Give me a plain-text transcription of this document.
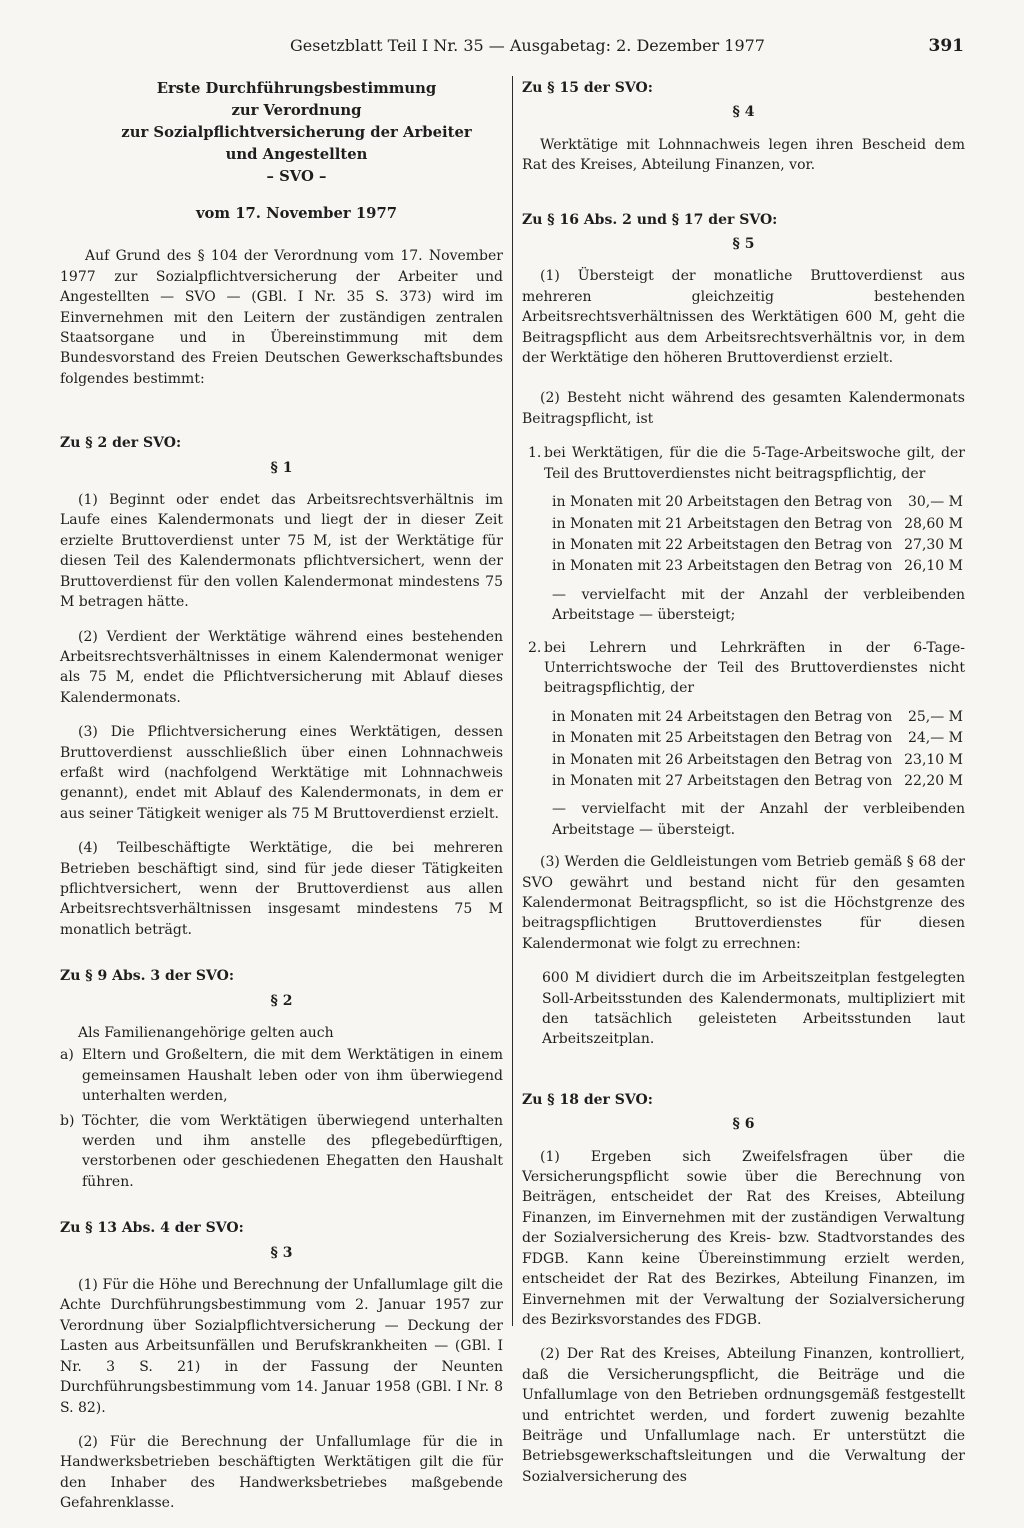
Gesetzblatt Teil I Nr. 35 — Ausgabetag: 2. Dezember 1977	391
Erste Durchführungsbestimmung
zur Verordnung
zur Sozialpflichtversicherung der Arbeiter
und Angestellten
– SVO –

vom 17. November 1977

Auf Grund des § 104 der Verordnung vom 17. November 1977 zur Sozialpflichtversicherung der Arbeiter und Angestellten — SVO — (GBl. I Nr. 35 S. 373) wird im Einvernehmen mit den Leitern der zuständigen zentralen Staatsorgane und in Übereinstimmung mit dem Bundesvorstand des Freien Deutschen Gewerkschaftsbundes folgendes bestimmt:

Zu § 2 der SVO:

§ 1

(1) Beginnt oder endet das Arbeitsrechtsverhältnis im Laufe eines Kalendermonats und liegt der in dieser Zeit erzielte Bruttoverdienst unter 75 M, ist der Werktätige für diesen Teil des Kalendermonats pflichtversichert, wenn der Bruttoverdienst für den vollen Kalendermonat mindestens 75 M betragen hätte.

(2) Verdient der Werktätige während eines bestehenden Arbeitsrechtsverhältnisses in einem Kalendermonat weniger als 75 M, endet die Pflichtversicherung mit Ablauf dieses Kalendermonats.

(3) Die Pflichtversicherung eines Werktätigen, dessen Bruttoverdienst ausschließlich über einen Lohnnachweis erfaßt wird (nachfolgend Werktätige mit Lohnnachweis genannt), endet mit Ablauf des Kalendermonats, in dem er aus seiner Tätigkeit weniger als 75 M Bruttoverdienst erzielt.

(4) Teilbeschäftigte Werktätige, die bei mehreren Betrieben beschäftigt sind, sind für jede dieser Tätigkeiten pflichtversichert, wenn der Bruttoverdienst aus allen Arbeitsrechtsverhältnissen insgesamt mindestens 75 M monatlich beträgt.

Zu § 9 Abs. 3 der SVO:

§ 2

Als Familienangehörige gelten auch

a) Eltern und Großeltern, die mit dem Werktätigen in einem gemeinsamen Haushalt leben oder von ihm überwiegend unterhalten werden,
b) Töchter, die vom Werktätigen überwiegend unterhalten werden und ihm anstelle des pflegebedürftigen, verstorbenen oder geschiedenen Ehegatten den Haushalt führen.

Zu § 13 Abs. 4 der SVO:

§ 3

(1) Für die Höhe und Berechnung der Unfallumlage gilt die Achte Durchführungsbestimmung vom 2. Januar 1957 zur Verordnung über Sozialpflichtversicherung — Deckung der Lasten aus Arbeitsunfällen und Berufskrankheiten — (GBl. I Nr. 3 S. 21) in der Fassung der Neunten Durchführungsbestimmung vom 14. Januar 1958 (GBl. I Nr. 8 S. 82).

(2) Für die Berechnung der Unfallumlage für die in Handwerksbetrieben beschäftigten Werktätigen gilt die für den Inhaber des Handwerksbetriebes maßgebende Gefahrenklasse.

Zu § 15 der SVO:

§ 4

Werktätige mit Lohnnachweis legen ihren Bescheid dem Rat des Kreises, Abteilung Finanzen, vor.

Zu § 16 Abs. 2 und § 17 der SVO:

§ 5

(1) Übersteigt der monatliche Bruttoverdienst aus mehreren gleichzeitig bestehenden Arbeitsrechtsverhältnissen des Werktätigen 600 M, geht die Beitragspflicht aus dem Arbeitsrechtsverhältnis vor, in dem der Werktätige den höheren Bruttoverdienst erzielt.

(2) Besteht nicht während des gesamten Kalendermonats Beitragspflicht, ist

1. bei Werktätigen, für die die 5-Tage-Arbeitswoche gilt, der Teil des Bruttoverdienstes nicht beitragspflichtig, der
in Monaten mit 20 Arbeitstagen den Betrag von 30,— M
in Monaten mit 21 Arbeitstagen den Betrag von 28,60 M
in Monaten mit 22 Arbeitstagen den Betrag von 27,30 M
in Monaten mit 23 Arbeitstagen den Betrag von 26,10 M

— vervielfacht mit der Anzahl der verbleibenden Arbeitstage — übersteigt;

2. bei Lehrern und Lehrkräften in der 6-Tage-Unterrichtswoche der Teil des Bruttoverdienstes nicht beitragspflichtig, der
in Monaten mit 24 Arbeitstagen den Betrag von 25,— M
in Monaten mit 25 Arbeitstagen den Betrag von 24,— M
in Monaten mit 26 Arbeitstagen den Betrag von 23,10 M
in Monaten mit 27 Arbeitstagen den Betrag von 22,20 M

— vervielfacht mit der Anzahl der verbleibenden Arbeitstage — übersteigt.

(3) Werden die Geldleistungen vom Betrieb gemäß § 68 der SVO gewährt und bestand nicht für den gesamten Kalendermonat Beitragspflicht, so ist die Höchstgrenze des beitragspflichtigen Bruttoverdienstes für diesen Kalendermonat wie folgt zu errechnen:

600 M dividiert durch die im Arbeitszeitplan festgelegten Soll-Arbeitsstunden des Kalendermonats, multipliziert mit den tatsächlich geleisteten Arbeitsstunden laut Arbeitszeitplan.

Zu § 18 der SVO:

§ 6

(1) Ergeben sich Zweifelsfragen über die Versicherungspflicht sowie über die Berechnung von Beiträgen, entscheidet der Rat des Kreises, Abteilung Finanzen, im Einvernehmen mit der zuständigen Verwaltung der Sozialversicherung des Kreis- bzw. Stadtvorstandes des FDGB. Kann keine Übereinstimmung erzielt werden, entscheidet der Rat des Bezirkes, Abteilung Finanzen, im Einvernehmen mit der Verwaltung der Sozialversicherung des Bezirksvorstandes des FDGB.

(2) Der Rat des Kreises, Abteilung Finanzen, kontrolliert, daß die Versicherungspflicht, die Beiträge und die Unfallumlage von den Betrieben ordnungsgemäß festgestellt und entrichtet werden, und fordert zuwenig bezahlte Beiträge und Unfallumlage nach. Er unterstützt die Betriebsgewerkschaftsleitungen und die Verwaltung der Sozialversicherung des
